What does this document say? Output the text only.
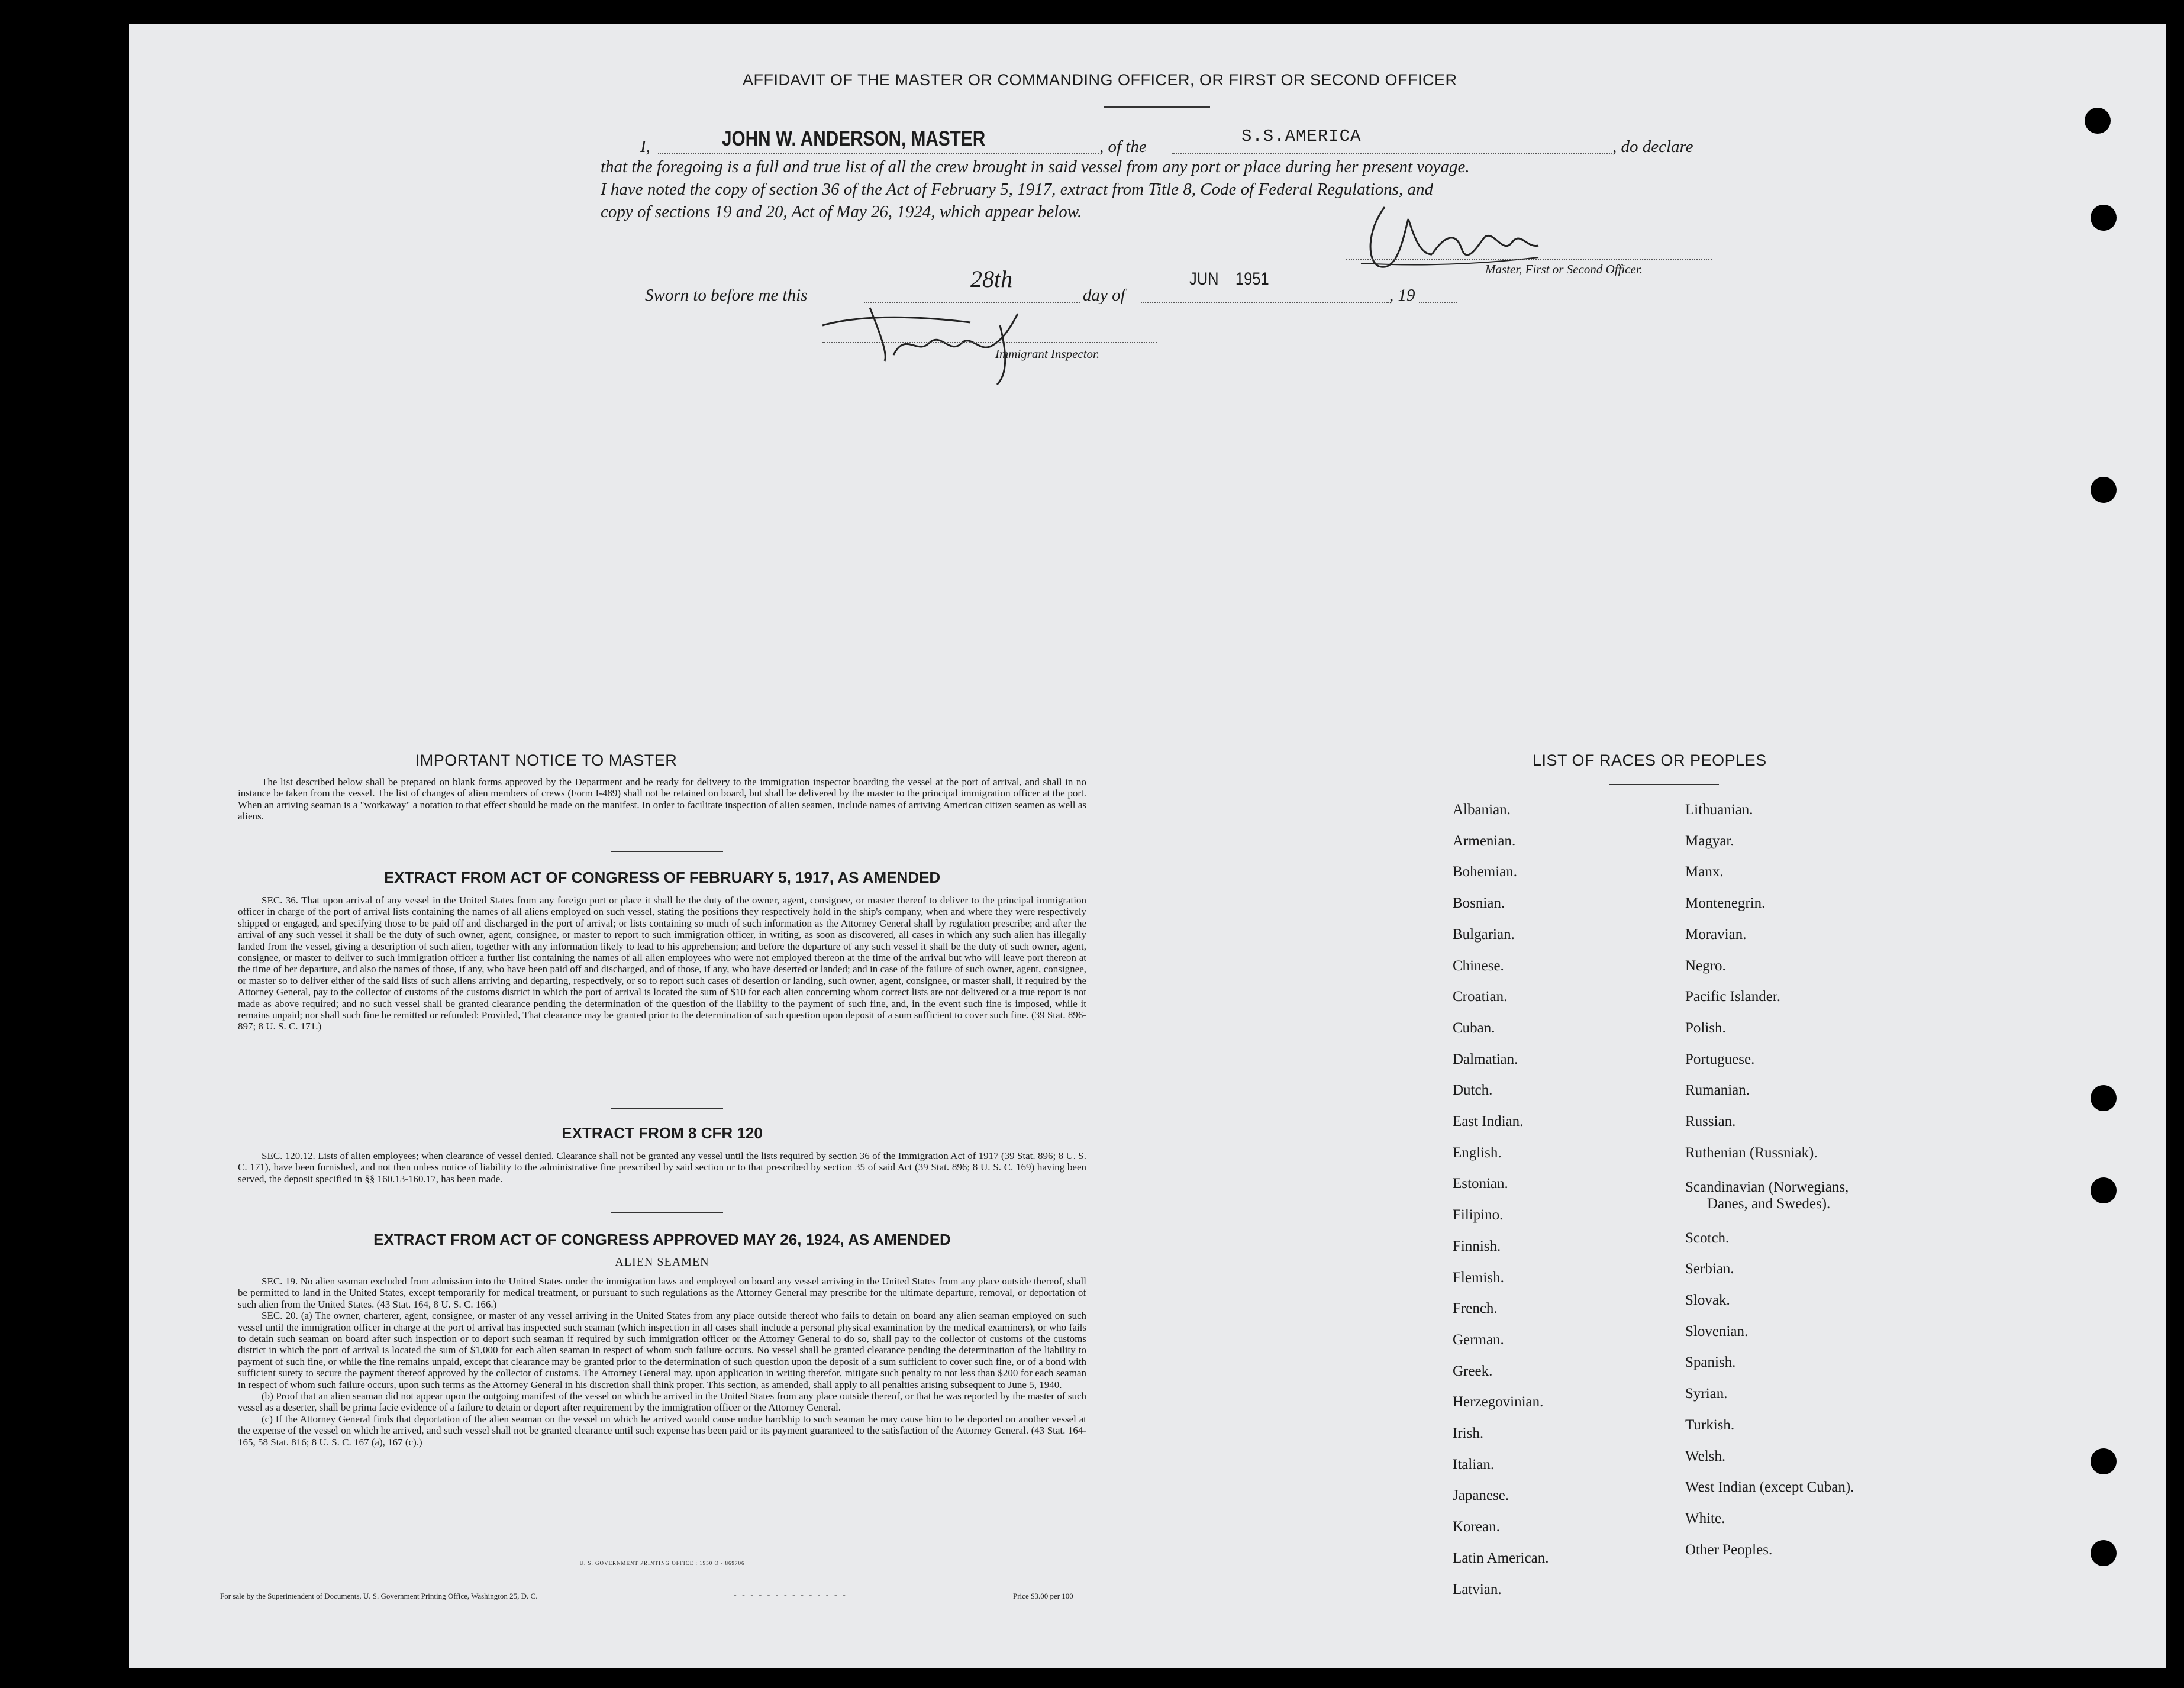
AFFIDAVIT OF THE MASTER OR COMMANDING OFFICER, OR FIRST OR SECOND OFFICER
I,	JOHN W. ANDERSON, MASTER	, of the
S.S.AMERICA
, do declare
that the foregoing is a full and true list of all the crew brought in said vessel from any port or place during her present voyage.
I have noted the copy of section 36 of the Act of February 5, 1917, extract from Title 8, Code of Federal Regulations, and
copy of sections 19 and 20, Act of May 26, 1924, which appear below.
Master, First or Second Officer.
Sworn to before me this
28th
day of
JUN    1951
, 19
Immigrant Inspector.
IMPORTANT NOTICE TO MASTER

The list described below shall be prepared on blank forms approved by the Department and be ready for delivery to the immigration inspector boarding the vessel at the port of arrival, and shall in no instance be taken from the vessel. The list of changes of alien members of crews (Form I-489) shall not be retained on board, but shall be delivered by the master to the principal immigration officer at the port. When an arriving seaman is a "workaway" a notation to that effect should be made on the manifest. In order to facilitate inspection of alien seamen, include names of arriving American citizen seamen as well as aliens.

EXTRACT FROM ACT OF CONGRESS OF FEBRUARY 5, 1917, AS AMENDED

SEC. 36. That upon arrival of any vessel in the United States from any foreign port or place it shall be the duty of the owner, agent, consignee, or master thereof to deliver to the principal immigration officer in charge of the port of arrival lists containing the names of all aliens employed on such vessel, stating the positions they respectively hold in the ship's company, when and where they were respectively shipped or engaged, and specifying those to be paid off and discharged in the port of arrival; or lists containing so much of such information as the Attorney General shall by regulation prescribe; and after the arrival of any such vessel it shall be the duty of such owner, agent, consignee, or master to report to such immigration officer, in writing, as soon as discovered, all cases in which any such alien has illegally landed from the vessel, giving a description of such alien, together with any information likely to lead to his apprehension; and before the departure of any such vessel it shall be the duty of such owner, agent, consignee, or master to deliver to such immigration officer a further list containing the names of all alien employees who were not employed thereon at the time of the arrival but who will leave port thereon at the time of her departure, and also the names of those, if any, who have been paid off and discharged, and of those, if any, who have deserted or landed; and in case of the failure of such owner, agent, consignee, or master so to deliver either of the said lists of such aliens arriving and departing, respectively, or so to report such cases of desertion or landing, such owner, agent, consignee, or master shall, if required by the Attorney General, pay to the collector of customs of the customs district in which the port of arrival is located the sum of $10 for each alien concerning whom correct lists are not delivered or a true report is not made as above required; and no such vessel shall be granted clearance pending the determination of the question of the liability to the payment of such fine, and, in the event such fine is imposed, while it remains unpaid; nor shall such fine be remitted or refunded: Provided, That clearance may be granted prior to the determination of such question upon deposit of a sum sufficient to cover such fine. (39 Stat. 896-897; 8 U. S. C. 171.)

EXTRACT FROM 8 CFR 120

SEC. 120.12. Lists of alien employees; when clearance of vessel denied. Clearance shall not be granted any vessel until the lists required by section 36 of the Immigration Act of 1917 (39 Stat. 896; 8 U. S. C. 171), have been furnished, and not then unless notice of liability to the administrative fine prescribed by said section or to that prescribed by section 35 of said Act (39 Stat. 896; 8 U. S. C. 169) having been served, the deposit specified in §§ 160.13-160.17, has been made.

EXTRACT FROM ACT OF CONGRESS APPROVED MAY 26, 1924, AS AMENDED
ALIEN SEAMEN

SEC. 19. No alien seaman excluded from admission into the United States under the immigration laws and employed on board any vessel arriving in the United States from any place outside thereof, shall be permitted to land in the United States, except temporarily for medical treatment, or pursuant to such regulations as the Attorney General may prescribe for the ultimate departure, removal, or deportation of such alien from the United States. (43 Stat. 164, 8 U. S. C. 166.)

SEC. 20. (a) The owner, charterer, agent, consignee, or master of any vessel arriving in the United States from any place outside thereof who fails to detain on board any alien seaman employed on such vessel until the immigration officer in charge at the port of arrival has inspected such seaman (which inspection in all cases shall include a personal physical examination by the medical examiners), or who fails to detain such seaman on board after such inspection or to deport such seaman if required by such immigration officer or the Attorney General to do so, shall pay to the collector of customs of the customs district in which the port of arrival is located the sum of $1,000 for each alien seaman in respect of whom such failure occurs. No vessel shall be granted clearance pending the determination of the liability to payment of such fine, or while the fine remains unpaid, except that clearance may be granted prior to the determination of such question upon the deposit of a sum sufficient to cover such fine, or of a bond with sufficient surety to secure the payment thereof approved by the collector of customs. The Attorney General may, upon application in writing therefor, mitigate such penalty to not less than $200 for each seaman in respect of whom such failure occurs, upon such terms as the Attorney General in his discretion shall think proper. This section, as amended, shall apply to all penalties arising subsequent to June 5, 1940.

(b) Proof that an alien seaman did not appear upon the outgoing manifest of the vessel on which he arrived in the United States from any place outside thereof, or that he was reported by the master of such vessel as a deserter, shall be prima facie evidence of a failure to detain or deport after requirement by the immigration officer or the Attorney General.

(c) If the Attorney General finds that deportation of the alien seaman on the vessel on which he arrived would cause undue hardship to such seaman he may cause him to be deported on another vessel at the expense of the vessel on which he arrived, and such vessel shall not be granted clearance until such expense has been paid or its payment guaranteed to the satisfaction of the Attorney General. (43 Stat. 164-165, 58 Stat. 816; 8 U. S. C. 167 (a), 167 (c).)

U. S. GOVERNMENT PRINTING OFFICE : 1950 O - 869706
For sale by the Superintendent of Documents, U. S. Government Printing Office, Washington 25, D. C.	- - - - - - - - - - - - - -	Price $3.00 per 100
LIST OF RACES OR PEOPLES
Albanian.
Armenian.
Bohemian.
Bosnian.
Bulgarian.
Chinese.
Croatian.
Cuban.
Dalmatian.
Dutch.
East Indian.
English.
Estonian.
Filipino.
Finnish.
Flemish.
French.
German.
Greek.
Herzegovinian.
Irish.
Italian.
Japanese.
Korean.
Latin American.
Latvian.
Lithuanian.
Magyar.
Manx.
Montenegrin.
Moravian.
Negro.
Pacific Islander.
Polish.
Portuguese.
Rumanian.
Russian.
Ruthenian (Russniak).
Scandinavian (Norwegians,
Danes, and Swedes).
Scotch.
Serbian.
Slovak.
Slovenian.
Spanish.
Syrian.
Turkish.
Welsh.
West Indian (except Cuban).
White.
Other Peoples.
